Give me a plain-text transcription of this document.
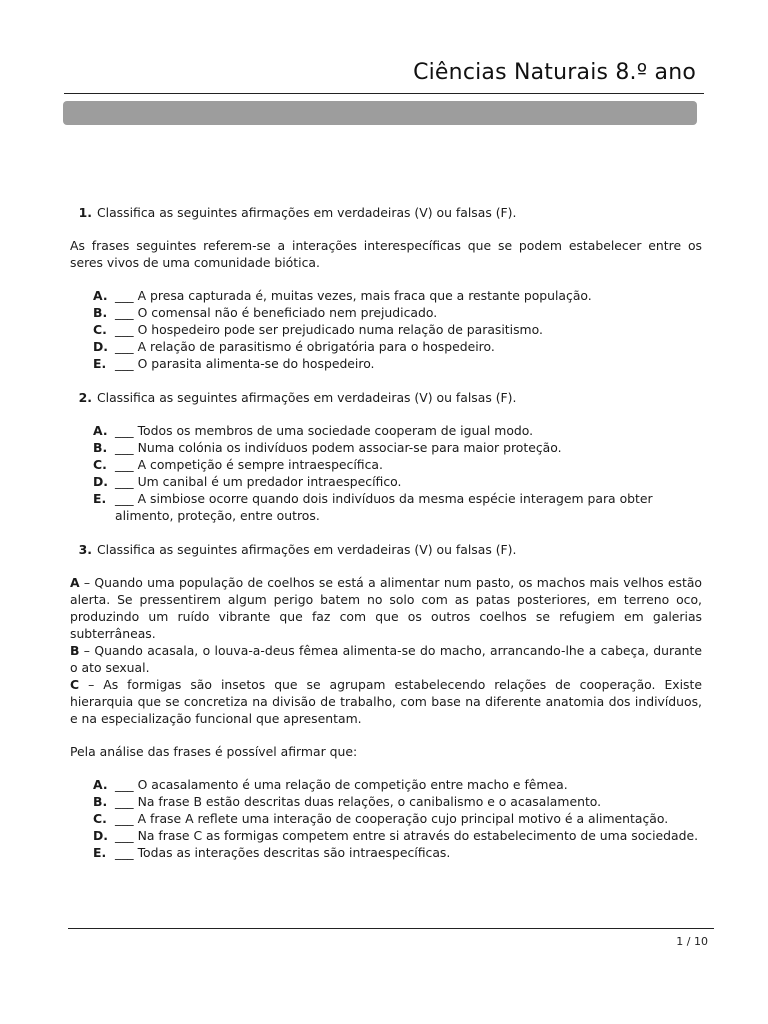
Ciências Naturais 8.º ano
1. Classifica as seguintes afirmações em verdadeiras (V) ou falsas (F).
As frases seguintes referem-se a interações interespecíficas que se podem estabelecer entre os seres vivos de uma comunidade biótica.
A. ___ A presa capturada é, muitas vezes, mais fraca que a restante população.
B. ___ O comensal não é beneficiado nem prejudicado.
C. ___ O hospedeiro pode ser prejudicado numa relação de parasitismo.
D. ___ A relação de parasitismo é obrigatória para o hospedeiro.
E. ___ O parasita alimenta-se do hospedeiro.
2. Classifica as seguintes afirmações em verdadeiras (V) ou falsas (F).
A. ___ Todos os membros de uma sociedade cooperam de igual modo.
B. ___ Numa colónia os indivíduos podem associar-se para maior proteção.
C. ___ A competição é sempre intraespecífica.
D. ___ Um canibal é um predador intraespecífico.
E. ___ A simbiose ocorre quando dois indivíduos da mesma espécie interagem para obter alimento, proteção, entre outros.
3. Classifica as seguintes afirmações em verdadeiras (V) ou falsas (F).

A – Quando uma população de coelhos se está a alimentar num pasto, os machos mais velhos estão alerta. Se pressentirem algum perigo batem no solo com as patas posteriores, em terreno oco, produzindo um ruído vibrante que faz com que os outros coelhos se refugiem em galerias subterrâneas.

B – Quando acasala, o louva-a-deus fêmea alimenta-se do macho, arrancando-lhe a cabeça, durante o ato sexual.

C – As formigas são insetos que se agrupam estabelecendo relações de cooperação. Existe hierarquia que se concretiza na divisão de trabalho, com base na diferente anatomia dos indivíduos, e na especialização funcional que apresentam.

Pela análise das frases é possível afirmar que:
A. ___ O acasalamento é uma relação de competição entre macho e fêmea.
B. ___ Na frase B estão descritas duas relações, o canibalismo e o acasalamento.
C. ___ A frase A reflete uma interação de cooperação cujo principal motivo é a alimentação.
D. ___ Na frase C as formigas competem entre si através do estabelecimento de uma sociedade.
E. ___ Todas as interações descritas são intraespecíficas.
1 / 10
